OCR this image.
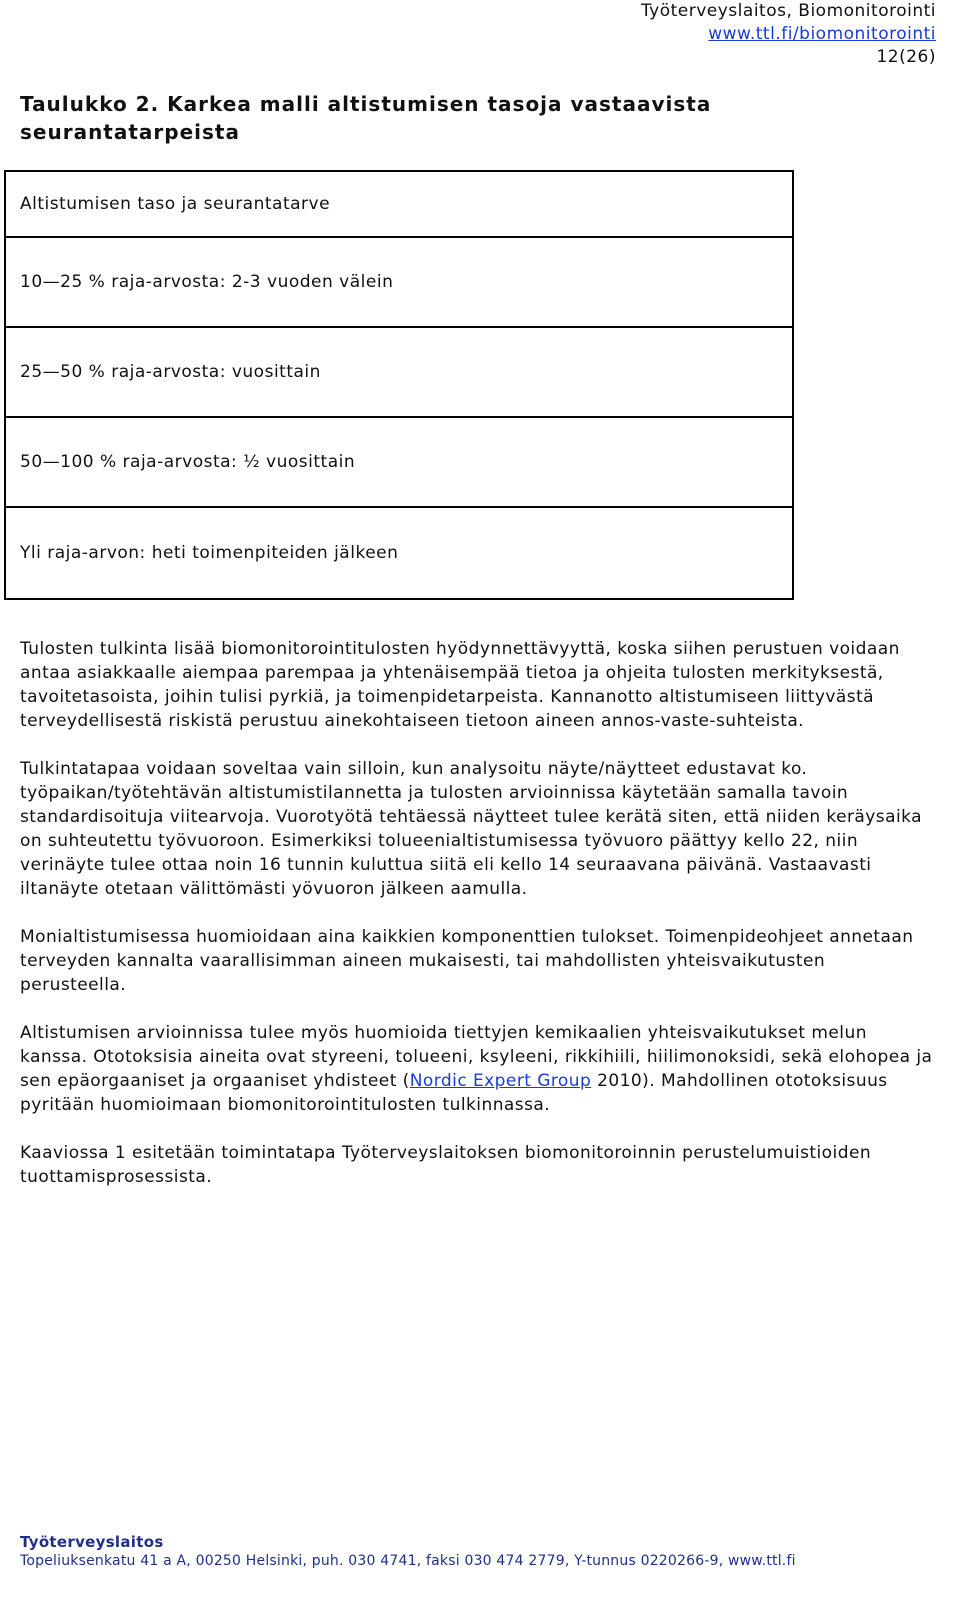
Työterveyslaitos, Biomonitorointi
www.ttl.fi/biomonitorointi
12(26)
Taulukko 2. Karkea malli altistumisen tasoja vastaavista seurantatarpeista
Altistumisen taso ja seurantatarve
10—25 % raja-arvosta: 2-3 vuoden välein
25—50 % raja-arvosta: vuosittain
50—100 % raja-arvosta: ½ vuosittain
Yli raja-arvon: heti toimenpiteiden jälkeen

Tulosten tulkinta lisää biomonitorointitulosten hyödynnettävyyttä, koska siihen perustuen voidaan antaa asiakkaalle aiempaa parempaa ja yhtenäisempää tietoa ja ohjeita tulosten merkityksestä, tavoitetasoista, joihin tulisi pyrkiä, ja toimenpidetarpeista. Kannanotto altistumiseen liittyvästä terveydellisestä riskistä perustuu ainekohtaiseen tietoon aineen annos-vaste-suhteista.

Tulkintatapaa voidaan soveltaa vain silloin, kun analysoitu näyte/näytteet edustavat ko. työpaikan/työtehtävän altistumistilannetta ja tulosten arvioinnissa käytetään samalla tavoin standardisoituja viitearvoja. Vuorotyötä tehtäessä näytteet tulee kerätä siten, että niiden keräysaika on suhteutettu työvuoroon. Esimerkiksi tolueenialtistumisessa työvuoro päättyy kello 22, niin verinäyte tulee ottaa noin 16 tunnin kuluttua siitä eli kello 14 seuraavana päivänä. Vastaavasti iltanäyte otetaan välittömästi yövuoron jälkeen aamulla.

Monialtistumisessa huomioidaan aina kaikkien komponenttien tulokset. Toimenpideohjeet annetaan terveyden kannalta vaarallisimman aineen mukaisesti, tai mahdollisten yhteisvaikutusten perusteella.

Altistumisen arvioinnissa tulee myös huomioida tiettyjen kemikaalien yhteisvaikutukset melun kanssa. Ototoksisia aineita ovat styreeni, tolueeni, ksyleeni, rikkihiili, hiilimonoksidi, sekä elohopea ja sen epäorgaaniset ja orgaaniset yhdisteet (Nordic Expert Group 2010). Mahdollinen ototoksisuus pyritään huomioimaan biomonitorointitulosten tulkinnassa.

Kaaviossa 1 esitetään toimintatapa Työterveyslaitoksen biomonitoroinnin perustelumuistioiden tuottamisprosessista.

Työterveyslaitos
Topeliuksenkatu 41 a A, 00250 Helsinki, puh. 030 4741, faksi 030 474 2779, Y-tunnus 0220266-9, www.ttl.fi
